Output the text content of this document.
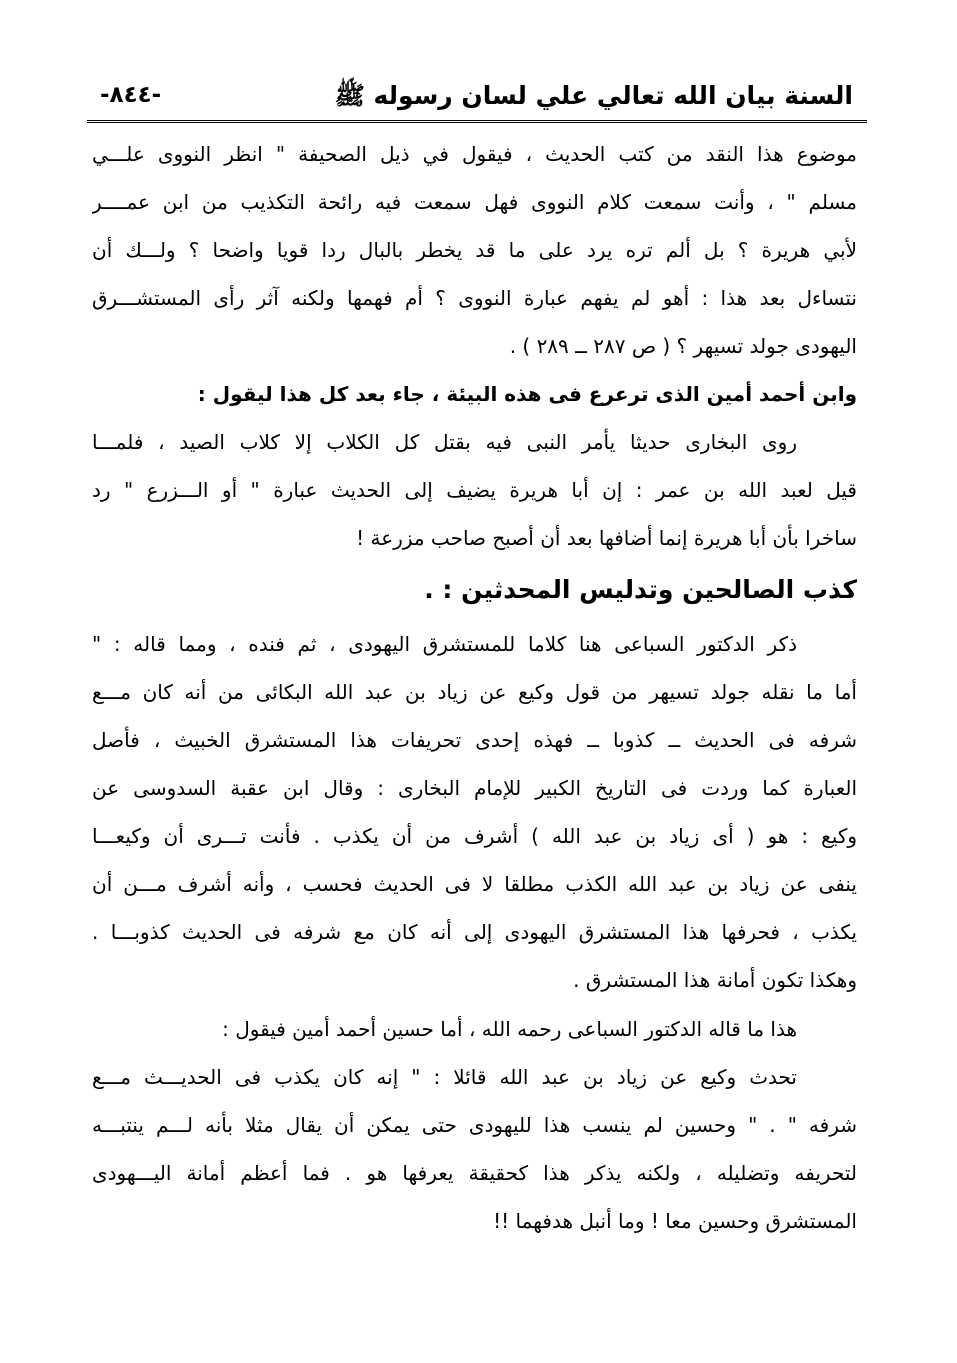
السنة بيان الله تعالي علي لسان رسوله ﷺ
-٨٤٤-
موضوع هذا النقد من كتب الحديث ، فيقول في ذيل الصحيفة " انظر النووى علـــي
مسلم " ، وأنت سمعت كلام النووى فهل سمعت فيه رائحة التكذيب من ابن عمــــر
لأبي هريرة ؟ بل ألم تره يرد على ما قد يخطر بالبال ردا قويا واضحا ؟ ولـــك أن
نتساءل بعد هذا : أهو لم يفهم عبارة النووى ؟ أم فهمها ولكنه آثر رأى المستشـــرق
اليهودى جولد تسيهر ؟ ( ص ٢٨٧ ــ ٢٨٩ ) .
وابن أحمد أمين الذى ترعرع فى هذه البيئة ، جاء بعد كل هذا ليقول :
روى البخارى حديثا يأمر النبى فيه بقتل كل الكلاب إلا كلاب الصيد ، فلمـــا
قيل لعبد الله بن عمر : إن أبا هريرة يضيف إلى الحديث عبارة " أو الـــزرع " رد
ساخرا بأن أبا هريرة إنما أضافها بعد أن أصبح صاحب مزرعة !
كذب الصالحين وتدليس المحدثين : .
ذكر الدكتور السباعى هنا كلاما للمستشرق اليهودى ، ثم فنده ، ومما قاله : "
أما ما نقله جولد تسيهر من قول وكيع عن زياد بن عبد الله البكائى من أنه كان مـــع
شرفه فى الحديث ــ كذوبا ــ فهذه إحدى تحريفات هذا المستشرق الخبيث ، فأصل
العبارة كما وردت فى التاريخ الكبير للإمام البخارى : وقال ابن عقبة السدوسى عن
وكيع : هو ( أى زياد بن عبد الله ) أشرف من أن يكذب . فأنت تـــرى أن وكيعـــا
ينفى عن زياد بن عبد الله الكذب مطلقا لا فى الحديث فحسب ، وأنه أشرف مـــن أن
يكذب ، فحرفها هذا المستشرق اليهودى إلى أنه كان مع شرفه فى الحديث كذوبـــا .
وهكذا تكون أمانة هذا المستشرق .
هذا ما قاله الدكتور السباعى رحمه الله ، أما حسين أحمد أمين فيقول :
تحدث وكيع عن زياد بن عبد الله قائلا : " إنه كان يكذب فى الحديـــث مـــع
شرفه " . " وحسين لم ينسب هذا لليهودى حتى يمكن أن يقال مثلا بأنه لـــم ينتبـــه
لتحريفه وتضليله ، ولكنه يذكر هذا كحقيقة يعرفها هو . فما أعظم أمانة اليـــهودى
المستشرق وحسين معا ! وما أنبل هدفهما !!
